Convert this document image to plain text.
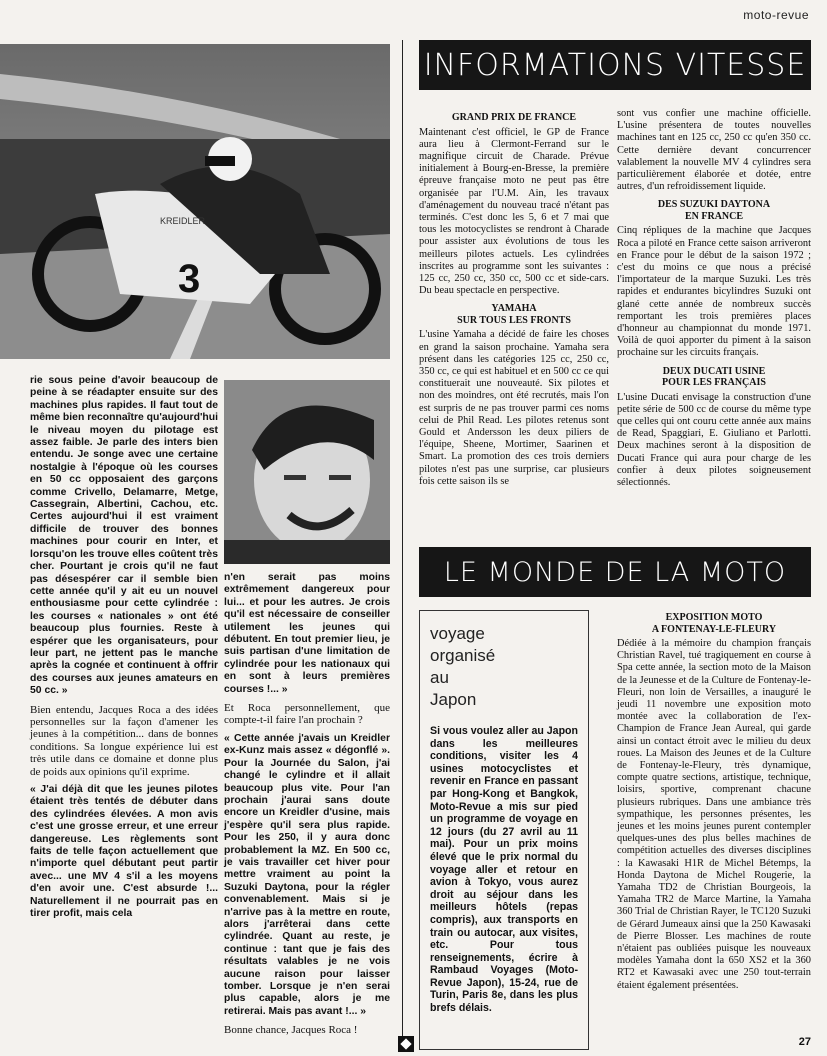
moto-revue
KREIDLER
3

rie sous peine d'avoir beaucoup de peine à se réadapter ensuite sur des machines plus rapides. Il faut tout de même bien reconnaître qu'aujourd'hui le niveau moyen du pilotage est assez faible. Je parle des inters bien entendu. Je songe avec une certaine nostalgie à l'époque où les courses en 50 cc opposaient des garçons comme Crivello, Delamarre, Metge, Cassegrain, Albertini, Cachou, etc. Certes aujourd'hui il est vraiment difficile de trouver des bonnes machines pour courir en Inter, et lorsqu'on les trouve elles coûtent très cher. Pourtant je crois qu'il ne faut pas désespérer car il semble bien cette année qu'il y ait eu un nouvel enthousiasme pour cette cylindrée : les courses « nationales » ont été beaucoup plus fournies. Reste à espérer que les organisateurs, pour leur part, ne jettent pas le manche après la cognée et continuent à offrir des courses aux jeunes amateurs en 50 cc. »

Bien entendu, Jacques Roca a des idées personnelles sur la façon d'amener les jeunes à la compétition... dans de bonnes conditions. Sa longue expérience lui est très utile dans ce domaine et donne plus de poids aux opinions qu'il exprime.

« J'ai déjà dit que les jeunes pilotes étaient très tentés de débuter dans des cylindrées élevées. A mon avis c'est une grosse erreur, et une erreur dangereuse. Les règlements sont faits de telle façon actuellement que n'importe quel débutant peut partir avec... une MV 4 s'il a les moyens d'en avoir une. C'est absurde !... Naturellement il ne pourrait pas en tirer profit, mais cela

n'en serait pas moins extrêmement dangereux pour lui... et pour les autres. Je crois qu'il est nécessaire de conseiller utilement les jeunes qui débutent. En tout premier lieu, je suis partisan d'une limitation de cylindrée pour les nationaux qui en sont à leurs premières courses !... »

Et Roca personnellement, que compte-t-il faire l'an prochain ?

« Cette année j'avais un Kreidler ex-Kunz mais assez « dégonflé ». Pour la Journée du Salon, j'ai changé le cylindre et il allait beaucoup plus vite. Pour l'an prochain j'aurai sans doute encore un Kreidler d'usine, mais j'espère qu'il sera plus rapide. Pour les 250, il y aura donc probablement la MZ. En 500 cc, je vais travailler cet hiver pour mettre vraiment au point la Suzuki Daytona, pour la régler convenablement. Mais si je n'arrive pas à la mettre en route, alors j'arrêterai dans cette cylindrée. Quant au reste, je continue : tant que je fais des résultats valables je ne vois aucune raison pour laisser tomber. Lorsque je n'en serai plus capable, alors je me retirerai. Mais pas avant !... »

Bonne chance, Jacques Roca !

INFORMATIONS VITESSE
GRAND PRIX DE FRANCE

Maintenant c'est officiel, le GP de France aura lieu à Clermont-Ferrand sur le magnifique circuit de Charade. Prévue initialement à Bourg-en-Bresse, la première épreuve française moto ne peut pas être organisée par l'U.M. Ain, les travaux d'aménagement du nouveau tracé n'étant pas terminés. C'est donc les 5, 6 et 7 mai que tous les motocyclistes se rendront à Charade pour assister aux évolutions de tous les meilleurs pilotes actuels. Les cylindrées inscrites au programme sont les suivantes : 125 cc, 250 cc, 350 cc, 500 cc et side-cars. Du beau spectacle en perspective.

YAMAHA
SUR TOUS LES FRONTS

L'usine Yamaha a décidé de faire les choses en grand la saison prochaine. Yamaha sera présent dans les catégories 125 cc, 250 cc, 350 cc, ce qui est habituel et en 500 cc ce qui constituerait une nouveauté. Six pilotes et non des moindres, ont été recrutés, mais l'on est surpris de ne pas trouver parmi ces noms celui de Phil Read. Les pilotes retenus sont Gould et Andersson les deux piliers de l'équipe, Sheene, Mortimer, Saarinen et Smart. La promotion des ces trois derniers pilotes n'est pas une surprise, car plusieurs fois cette saison ils se

sont vus confier une machine officielle. L'usine présentera de toutes nouvelles machines tant en 125 cc, 250 cc qu'en 350 cc. Cette dernière devant concurrencer valablement la nouvelle MV 4 cylindres sera particulièrement élaborée et dotée, entre autres, d'un refroidissement liquide.

DES SUZUKI DAYTONA
EN FRANCE

Cinq répliques de la machine que Jacques Roca a piloté en France cette saison arriveront en France pour le début de la saison 1972 ; c'est du moins ce que nous a précisé l'importateur de la marque Suzuki. Les très rapides et endurantes bicylindres Suzuki ont glané cette année de nombreux succès remportant les trois premières places d'honneur au championnat du monde 1971. Voilà de quoi apporter du piment à la saison prochaine sur les circuits français.

DEUX DUCATI USINE
POUR LES FRANÇAIS

L'usine Ducati envisage la construction d'une petite série de 500 cc de course du même type que celles qui ont couru cette année aux mains de Read, Spaggiari, E. Giuliano et Parlotti. Deux machines seront à la disposition de Ducati France qui aura pour charge de les confier à deux pilotes soigneusement sélectionnés.

LE MONDE DE LA MOTO
voyage
organisé
au
Japon
Si vous voulez aller au Japon dans les meilleures conditions, visiter les 4 usines motocyclistes et revenir en France en passant par Hong-Kong et Bangkok, Moto-Revue a mis sur pied un programme de voyage en 12 jours (du 27 avril au 11 mai). Pour un prix moins élevé que le prix normal du voyage aller et retour en avion à Tokyo, vous aurez droit au séjour dans les meilleurs hôtels (repas compris), aux transports en train ou autocar, aux visites, etc. Pour tous renseignements, écrire à Rambaud Voyages (Moto-Revue Japon), 15-24, rue de Turin, Paris 8e, dans les plus brefs délais.
EXPOSITION MOTO
A FONTENAY-LE-FLEURY

Dédiée à la mémoire du champion français Christian Ravel, tué tragiquement en course à Spa cette année, la section moto de la Maison de la Jeunesse et de la Culture de Fontenay-le-Fleuri, non loin de Versailles, a inauguré le jeudi 11 novembre une exposition moto montée avec la collaboration de l'ex-Champion de France Jean Aureal, qui garde ainsi un contact étroit avec le milieu du deux roues. La Maison des Jeunes et de la Culture de Fontenay-le-Fleury, très dynamique, compte quatre sections, artistique, technique, loisirs, sportive, comprenant chacune plusieurs rubriques. Dans une ambiance très sympathique, les personnes présentes, les jeunes et les moins jeunes purent contempler quelques-unes des plus belles machines de compétition actuelles des diverses disciplines : la Kawasaki H1R de Michel Bétemps, la Honda Daytona de Michel Rougerie, la Yamaha TD2 de Christian Bourgeois, la Yamaha TR2 de Marce Martine, la Yamaha 360 Trial de Christian Rayer, le TC120 Suzuki de Gérard Jumeaux ainsi que la 250 Kawasaki de Pierre Blosser. Les machines de route n'étaient pas oubliées puisque les nouveaux modèles Yamaha dont la 650 XS2 et la 360 RT2 et Kawasaki avec une 250 tout-terrain étaient également présentées.

27
